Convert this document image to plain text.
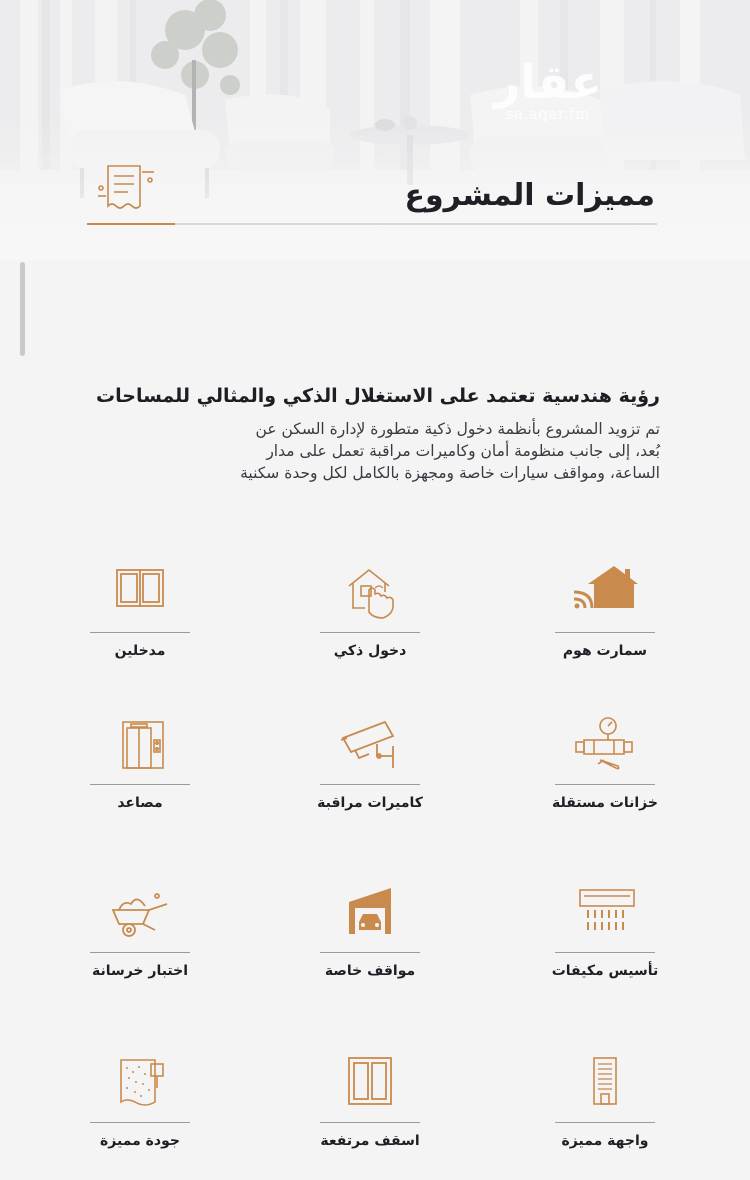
عقار
sa.aqar.fm
مميزات المشروع
رؤية هندسية تعتمد على الاستغلال الذكي والمثالي للمساحات
تم تزويد المشروع بأنظمة دخول ذكية متطورة لإدارة السكن عن
بُعد، إلى جانب منظومة أمان وكاميرات مراقبة تعمل على مدار
الساعة، ومواقف سيارات خاصة ومجهزة بالكامل لكل وحدة سكنية
سمارت هوم
دخول ذكي
مدخلين
خزانات مستقلة
كاميرات مراقبة
مصاعد
تأسيس مكيفات
مواقف خاصة
اختبار خرسانة
واجهة مميزة
اسقف مرتفعة
جودة مميزة
